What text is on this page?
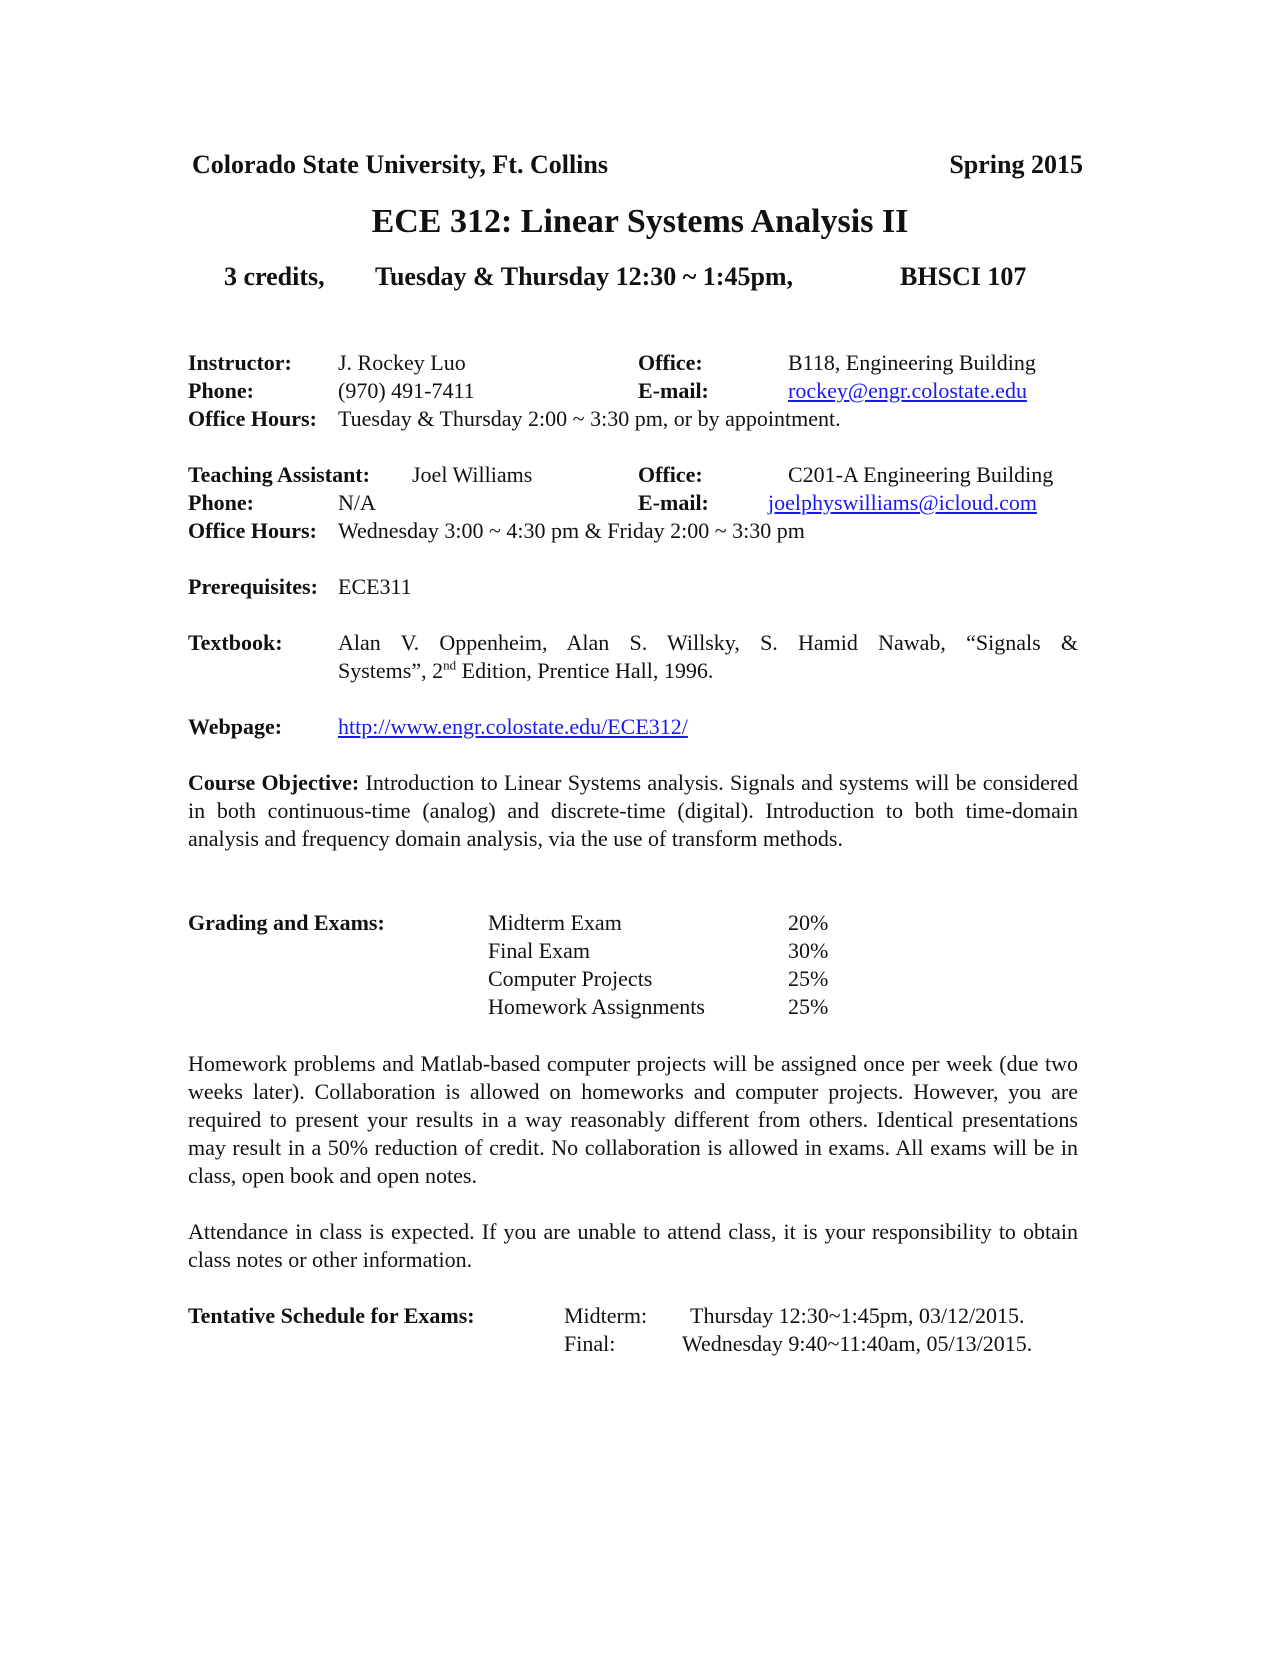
Colorado State University, Ft. Collins	Spring 2015
ECE 312: Linear Systems Analysis II
3 credits, Tuesday & Thursday 12:30 ~ 1:45pm,	BHSCI 107
Instructor: J. Rockey Luo	Office:	B118, Engineering Building
Phone:	(970) 491-7411	E-mail:	rockey@engr.colostate.edu
Office Hours: Tuesday & Thursday 2:00 ~ 3:30 pm, or by appointment.
Teaching Assistant: Joel Williams	Office:	C201-A Engineering Building
Phone:	N/A	E-mail:	joelphyswilliams@icloud.com
Office Hours: Wednesday 3:00 ~ 4:30 pm & Friday 2:00 ~ 3:30 pm
Prerequisites: ECE311
Textbook:	Alan V. Oppenheim, Alan S. Willsky, S. Hamid Nawab, “Signals &
Systems”, 2nd Edition, Prentice Hall, 1996.
Webpage:	http://www.engr.colostate.edu/ECE312/
Course Objective: Introduction to Linear Systems analysis. Signals and systems will be considered in both continuous-time (analog) and discrete-time (digital). Introduction to both time-domain analysis and frequency domain analysis, via the use of transform methods.
Grading and Exams:	Midterm Exam	20%
Final Exam	30%
Computer Projects	25%
Homework Assignments	25%
Homework problems and Matlab-based computer projects will be assigned once per week (due two weeks later). Collaboration is allowed on homeworks and computer projects. However, you are required to present your results in a way reasonably different from others. Identical presentations may result in a 50% reduction of credit. No collaboration is allowed in exams. All exams will be in class, open book and open notes.
Attendance in class is expected. If you are unable to attend class, it is your responsibility to obtain class notes or other information.
Tentative Schedule for Exams:	Midterm: Thursday 12:30~1:45pm, 03/12/2015.
Final:	Wednesday 9:40~11:40am, 05/13/2015.
